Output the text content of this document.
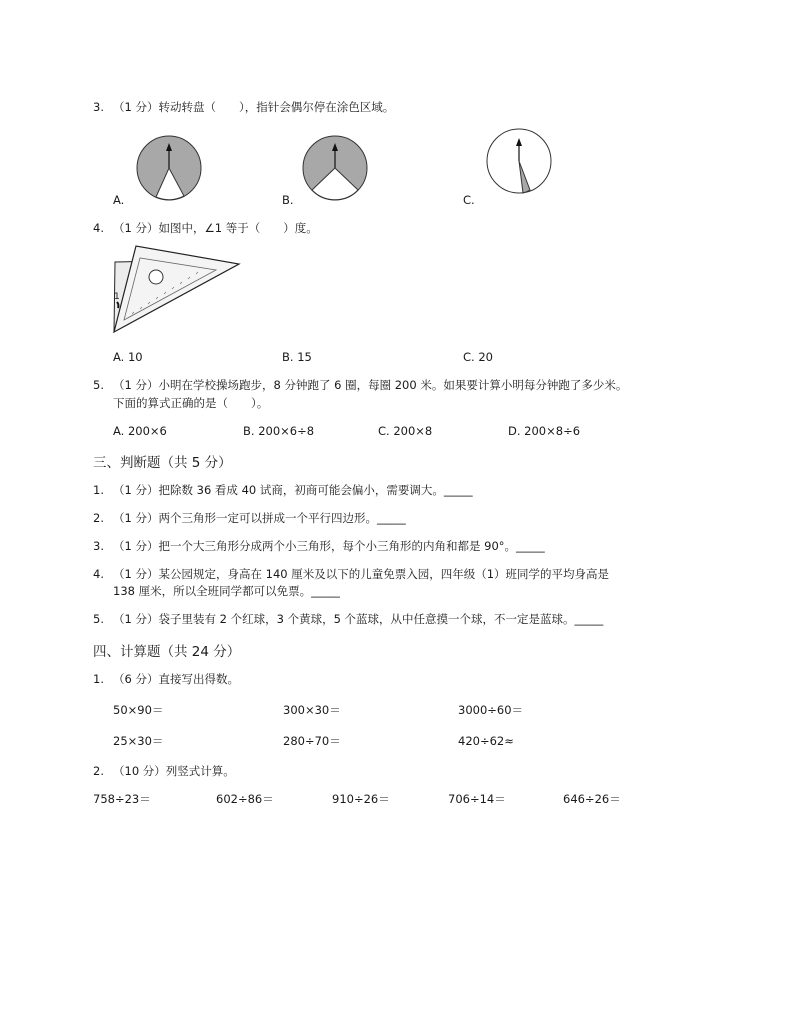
3. （1 分）转动转盘（　　），指针会偶尔停在涂色区域。
A.	B.	C.
4. （1 分）如图中，∠1 等于（　　）度。
1
A. 10	B. 15	C. 20
5. （1 分）小明在学校操场跑步，8 分钟跑了 6 圈，每圈 200 米。如果要计算小明每分钟跑了多少米。
下面的算式正确的是（　　）。
A. 200×6	B. 200×6÷8	C. 200×8	D. 200×8÷6
三、判断题（共 5 分）
1. （1 分）把除数 36 看成 40 试商，初商可能会偏小，需要调大。_____
2. （1 分）两个三角形一定可以拼成一个平行四边形。_____
3. （1 分）把一个大三角形分成两个小三角形，每个小三角形的内角和都是 90°。_____
4. （1 分）某公园规定，身高在 140 厘米及以下的儿童免票入园，四年级（1）班同学的平均身高是
138 厘米，所以全班同学都可以免票。_____
5. （1 分）袋子里装有 2 个红球，3 个黄球，5 个蓝球，从中任意摸一个球，不一定是蓝球。_____
四、计算题（共 24 分）
1. （6 分）直接写出得数。
50×90＝	300×30＝	3000÷60＝
25×30＝	280÷70＝	420÷62≈
2. （10 分）列竖式计算。
758÷23＝	602÷86＝	910÷26＝	706÷14＝	646÷26＝
